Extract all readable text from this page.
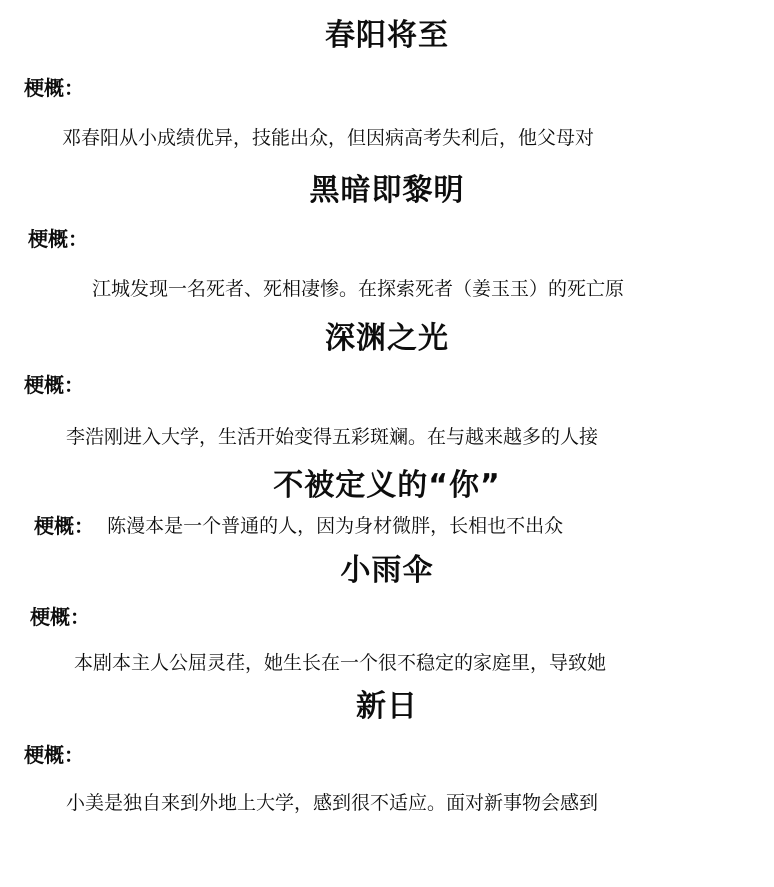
春阳将至
梗概：
邓春阳从小成绩优异，技能出众，但因病高考失利后，他父母对
黑暗即黎明
梗概：
江城发现一名死者、死相凄惨。在探索死者（姜玉玉）的死亡原
深渊之光
梗概：
李浩刚进入大学，生活开始变得五彩斑斓。在与越来越多的人接
不被定义的“你”
梗概： 陈漫本是一个普通的人，因为身材微胖，长相也不出众
小雨伞
梗概：
本剧本主人公屈灵荏，她生长在一个很不稳定的家庭里，导致她
新日
梗概：
小美是独自来到外地上大学，感到很不适应。面对新事物会感到
